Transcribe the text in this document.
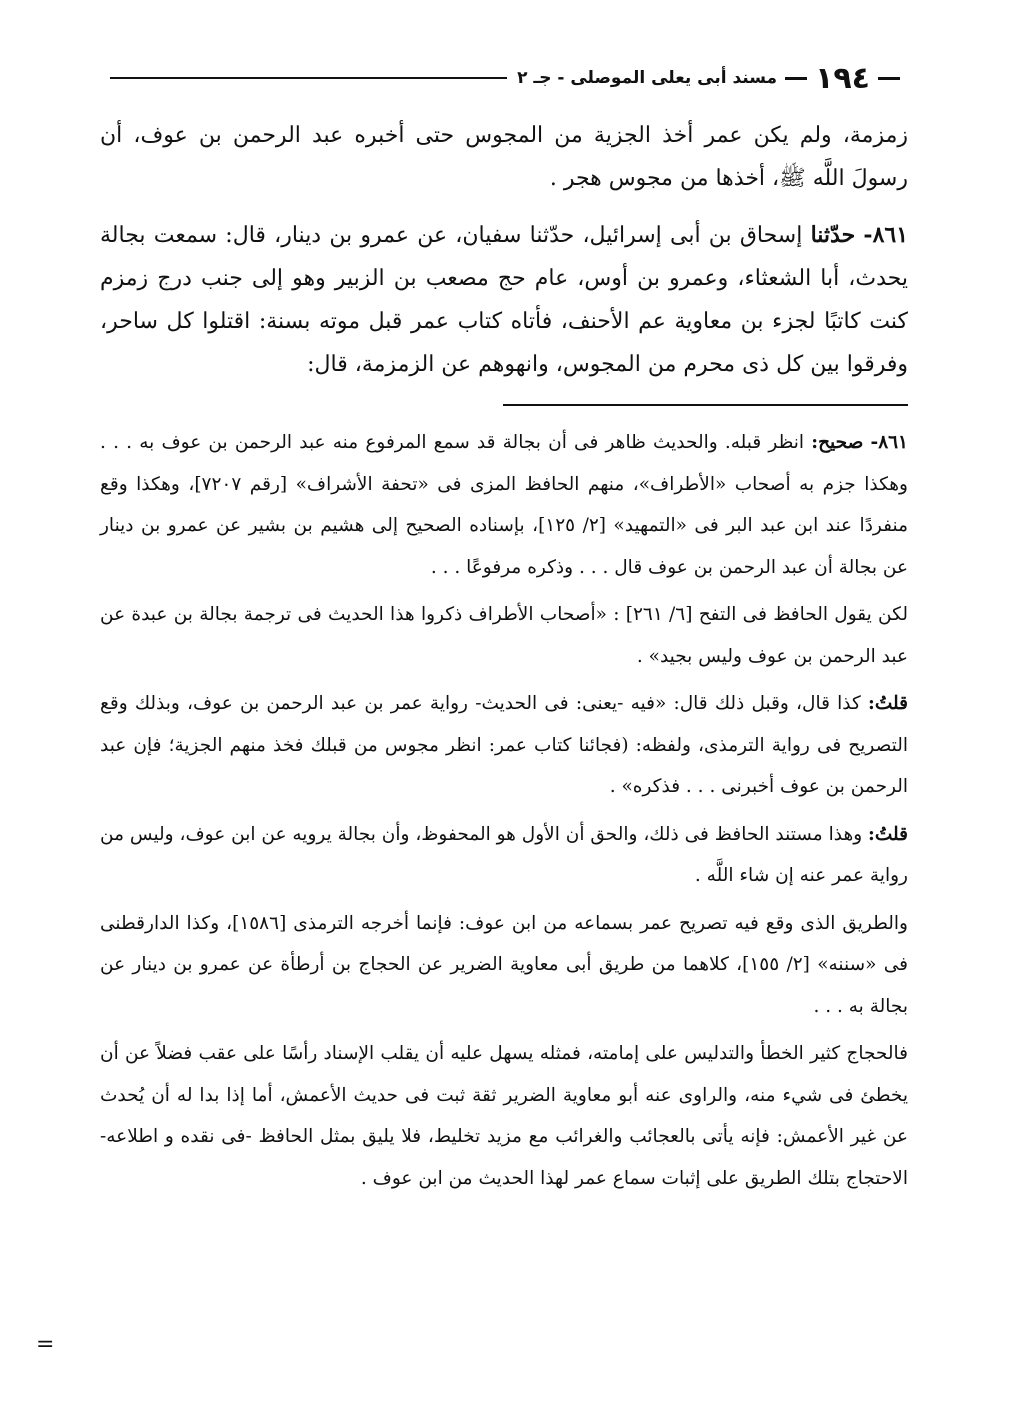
١٩٤
مسند أبى يعلى الموصلى - جـ ٢

زمزمة، ولم يكن عمر أخذ الجزية من المجوس حتى أخبره عبد الرحمن بن عوف، أن رسولَ اللَّه ﷺ، أخذها من مجوس هجر .

٨٦١- حدّثنا إسحاق بن أبى إسرائيل، حدّثنا سفيان، عن عمرو بن دينار، قال: سمعت بجالة يحدث، أبا الشعثاء، وعمرو بن أوس، عام حج مصعب بن الزبير وهو إلى جنب درج زمزم كنت كاتبًا لجزء بن معاوية عم الأحنف، فأتاه كتاب عمر قبل موته بسنة: اقتلوا كل ساحر، وفرقوا بين كل ذى محرم من المجوس، وانهوهم عن الزمزمة، قال:

٨٦١- صحيح: انظر قبله. والحديث ظاهر فى أن بجالة قد سمع المرفوع منه عبد الرحمن بن عوف به . . . وهكذا جزم به أصحاب «الأطراف»، منهم الحافظ المزى فى «تحفة الأشراف» [رقم ٧٢٠٧]، وهكذا وقع منفردًا عند ابن عبد البر فى «التمهيد» [٢/ ١٢٥]، بإسناده الصحيح إلى هشيم بن بشير عن عمرو بن دينار عن بجالة أن عبد الرحمن بن عوف قال . . . وذكره مرفوعًا . . .

لكن يقول الحافظ فى التفح [٦/ ٢٦١] : «أصحاب الأطراف ذكروا هذا الحديث فى ترجمة بجالة بن عبدة عن عبد الرحمن بن عوف وليس بجيد» .

قلتُ: كذا قال، وقبل ذلك قال: «فيه -يعنى: فى الحديث- رواية عمر بن عبد الرحمن بن عوف، وبذلك وقع التصريح فى رواية الترمذى، ولفظه: (فجائنا كتاب عمر: انظر مجوس من قبلك فخذ منهم الجزية؛ فإن عبد الرحمن بن عوف أخبرنى . . . فذكره» .

قلتُ: وهذا مستند الحافظ فى ذلك، والحق أن الأول هو المحفوظ، وأن بجالة يرويه عن ابن عوف، وليس من رواية عمر عنه إن شاء اللَّه .

والطريق الذى وقع فيه تصريح عمر بسماعه من ابن عوف: فإنما أخرجه الترمذى [١٥٨٦]، وكذا الدارقطنى فى «سننه» [٢/ ١٥٥]، كلاهما من طريق أبى معاوية الضرير عن الحجاج بن أرطأة عن عمرو بن دينار عن بجالة به . . .

فالحجاج كثير الخطأ والتدليس على إمامته، فمثله يسهل عليه أن يقلب الإسناد رأسًا على عقب فضلاً عن أن يخطئ فى شيء منه، والراوى عنه أبو معاوية الضرير ثقة ثبت فى حديث الأعمش، أما إذا بدا له أن يُحدث عن غير الأعمش: فإنه يأتى بالعجائب والغرائب مع مزيد تخليط، فلا يليق بمثل الحافظ -فى نقده و اطلاعه- الاحتجاج بتلك الطريق على إثبات سماع عمر لهذا الحديث من ابن عوف .

=
